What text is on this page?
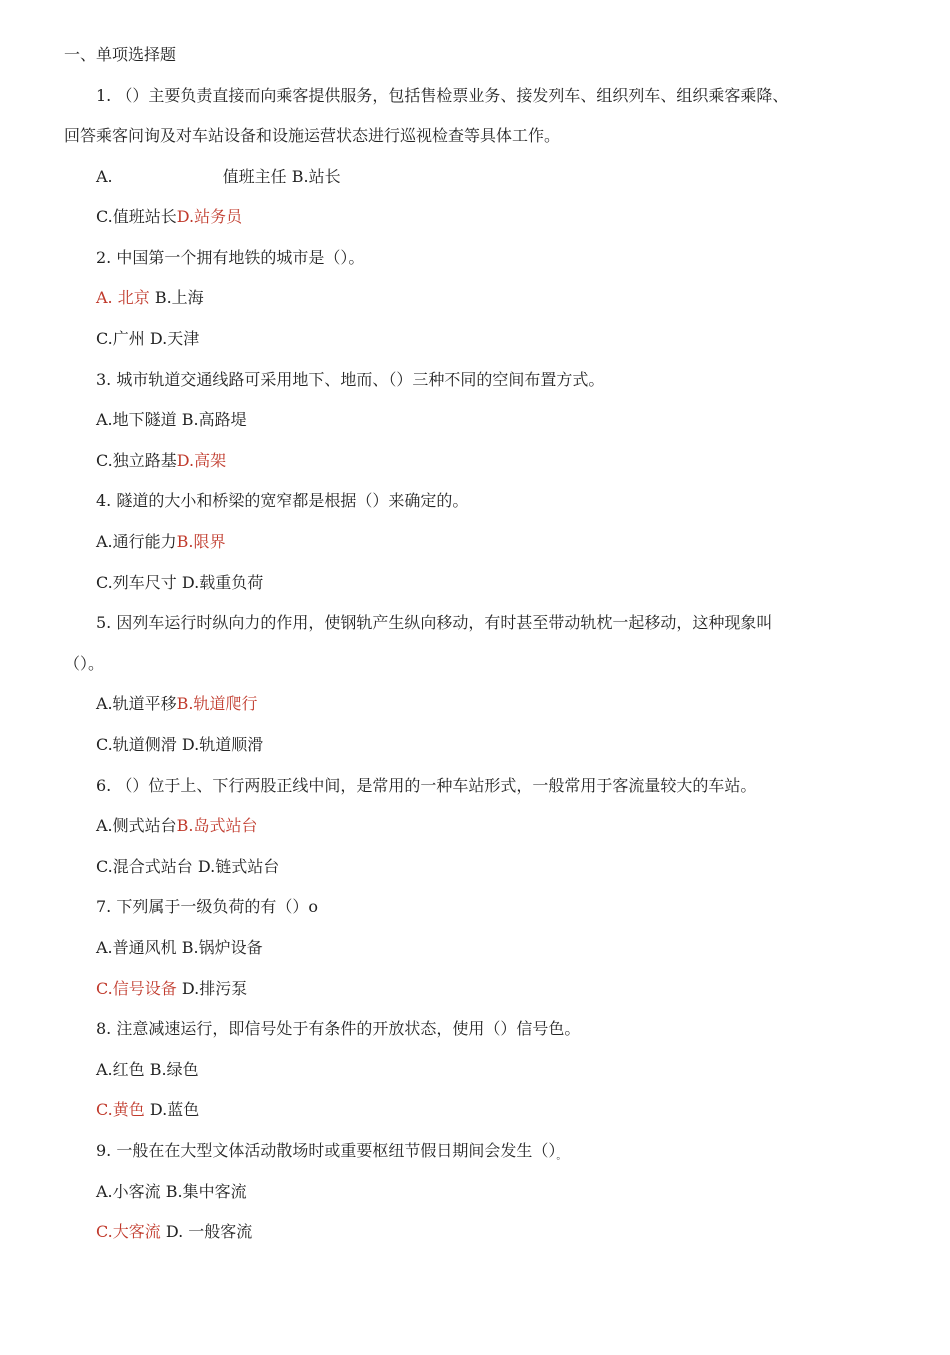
一、单项选择题
1. （）主要负责直接而向乘客提供服务，包括售检票业务、接发列车、组织列车、组织乘客乘降、
回答乘客问询及对车站设备和设施运营状态进行巡视检查等具体工作。
A.	值班主任 B.站长
C.值班站长D.站务员
2. 中国第一个拥有地铁的城市是（）。
A. 北京 B.上海
C.广州 D.天津
3. 城市轨道交通线路可采用地下、地而、（）三种不同的空间布置方式。
A.地下隧道 B.高路堤
C.独立路基D.高架
4. 隧道的大小和桥梁的宽窄都是根据（）来确定的。
A.通行能力B.限界
C.列车尺寸 D.载重负荷
5. 因列车运行时纵向力的作用，使钢轨产生纵向移动，有时甚至带动轨枕一起移动，这种现象叫
（）。
A.轨道平移B.轨道爬行
C.轨道侧滑 D.轨道顺滑
6. （）位于上、下行两股正线中间，是常用的一种车站形式，一般常用于客流量较大的车站。
A.侧式站台B.岛式站台
C.混合式站台 D.链式站台
7. 下列属于一级负荷的有（）o
A.普通风机 B.锅炉设备
C.信号设备 D.排污泵
8. 注意减速运行，即信号处于有条件的开放状态，使用（）信号色。
A.红色 B.绿色
C.黄色 D.蓝色
9. 一般在在大型文体活动散场时或重要枢纽节假日期间会发生（）。
A.小客流 B.集中客流
C.大客流 D. 一般客流
